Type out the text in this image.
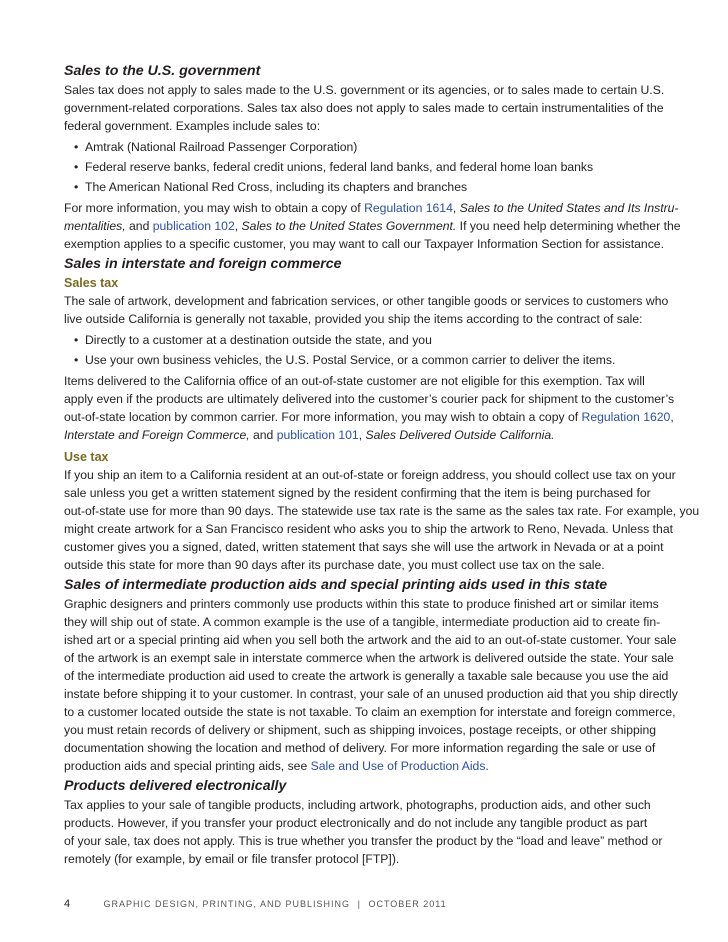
Sales to the U.S. government

Sales tax does not apply to sales made to the U.S. government or its agencies, or to sales made to certain U.S.
government-related corporations. Sales tax also does not apply to sales made to certain instrumentalities of the
federal government. Examples include sales to:

• Amtrak (National Railroad Passenger Corporation)
• Federal reserve banks, federal credit unions, federal land banks, and federal home loan banks
• The American National Red Cross, including its chapters and branches

For more information, you may wish to obtain a copy of Regulation 1614, Sales to the United States and Its Instru-
mentalities, and publication 102, Sales to the United States Government. If you need help determining whether the
exemption applies to a specific customer, you may want to call our Taxpayer Information Section for assistance.

Sales in interstate and foreign commerce
Sales tax

The sale of artwork, development and fabrication services, or other tangible goods or services to customers who
live outside California is generally not taxable, provided you ship the items according to the contract of sale:

• Directly to a customer at a destination outside the state, and you
• Use your own business vehicles, the U.S. Postal Service, or a common carrier to deliver the items.

Items delivered to the California office of an out-of-state customer are not eligible for this exemption. Tax will
apply even if the products are ultimately delivered into the customer’s courier pack for shipment to the customer’s
out-of-state location by common carrier. For more information, you may wish to obtain a copy of Regulation 1620,
Interstate and Foreign Commerce, and publication 101, Sales Delivered Outside California.

Use tax

If you ship an item to a California resident at an out-of-state or foreign address, you should collect use tax on your
sale unless you get a written statement signed by the resident confirming that the item is being purchased for
out-of-state use for more than 90 days. The statewide use tax rate is the same as the sales tax rate. For example, you
might create artwork for a San Francisco resident who asks you to ship the artwork to Reno, Nevada. Unless that
customer gives you a signed, dated, written statement that says she will use the artwork in Nevada or at a point
outside this state for more than 90 days after its purchase date, you must collect use tax on the sale.

Sales of intermediate production aids and special printing aids used in this state

Graphic designers and printers commonly use products within this state to produce finished art or similar items
they will ship out of state. A common example is the use of a tangible, intermediate production aid to create fin-
ished art or a special printing aid when you sell both the artwork and the aid to an out-of-state customer. Your sale
of the artwork is an exempt sale in interstate commerce when the artwork is delivered outside the state. Your sale
of the intermediate production aid used to create the artwork is generally a taxable sale because you use the aid
instate before shipping it to your customer. In contrast, your sale of an unused production aid that you ship directly
to a customer located outside the state is not taxable. To claim an exemption for interstate and foreign commerce,
you must retain records of delivery or shipment, such as shipping invoices, postage receipts, or other shipping
documentation showing the location and method of delivery. For more information regarding the sale or use of
production aids and special printing aids, see Sale and Use of Production Aids.

Products delivered electronically

Tax applies to your sale of tangible products, including artwork, photographs, production aids, and other such
products. However, if you transfer your product electronically and do not include any tangible product as part
of your sale, tax does not apply. This is true whether you transfer the product by the “load and leave” method or
remotely (for example, by email or file transfer protocol [FTP]).

4	GRAPHIC DESIGN, PRINTING, AND PUBLISHING | OCTOBER 2011
